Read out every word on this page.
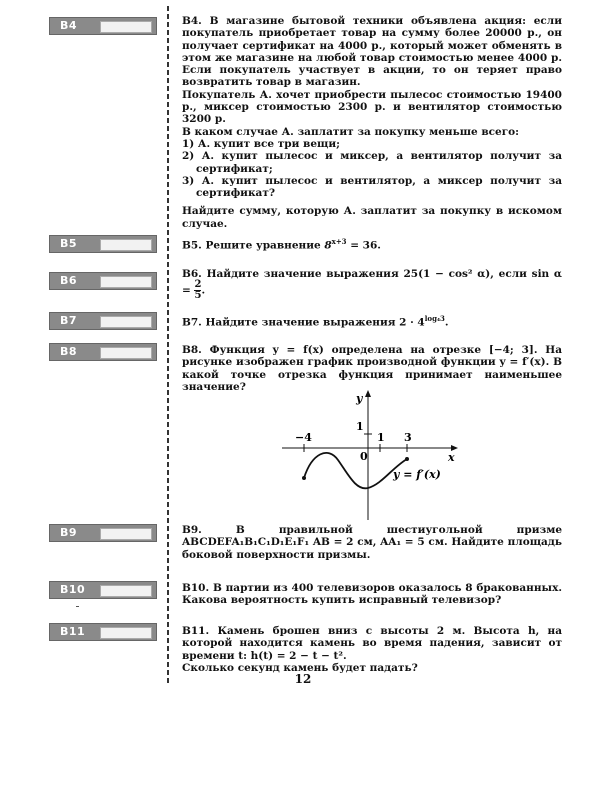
B4
B5
B6
B7
B8
B9
B10
B11

B4. В магазине бытовой техники объявлена акция: если покупатель приобретает товар на сумму более 20000 р., он получает сертификат на 4000 р., который может обменять в этом же магазине на любой товар стоимостью менее 4000 р. Если покупатель участвует в акции, то он теряет право возвратить товар в магазин.

Покупатель А. хочет приобрести пылесос стоимостью 19400 р., миксер стоимостью 2300 р. и вентилятор стоимостью 3200 р.

В каком случае А. заплатит за покупку меньше всего:

1) А. купит все три вещи;

2) А. купит пылесос и миксер, а вентилятор получит за сертификат;

3) А. купит пылесос и вентилятор, а миксер получит за сертификат?

Найдите сумму, которую А. заплатит за покупку в искомом случае.

B5. Решите уравнение $8^{x+3} = 36$.

B6. Найдите значение выражения 25(1 − cos² α), если $\sin \alpha = \frac{2}{5}$ .

B7. Найдите значение выражения $2 \cdot 4^{log_43}$.

B8. Функция y = f(x) определена на отрезке [−4; 3]. На рисунке изображен график производной функции y = f′(x). В какой точке отрезка функция принимает наименьшее значение?

y
x
−4	1 3
1
0
y = f′(x)

B9.	В правильной шестиугольной призме ABCDEFA₁B₁C₁D₁E₁F₁ AB = 2 см, AA₁ = 5 см. Найдите площадь боковой поверхности призмы.

B10. В партии из 400 телевизоров оказалось 8 бракованных. Какова вероятность купить исправный телевизор?

B11. Камень брошен вниз с высоты 2 м. Высота h, на которой находится камень во время падения, зависит от времени t: h(t) = 2 − t − t².

Сколько секунд камень будет падать?

12
